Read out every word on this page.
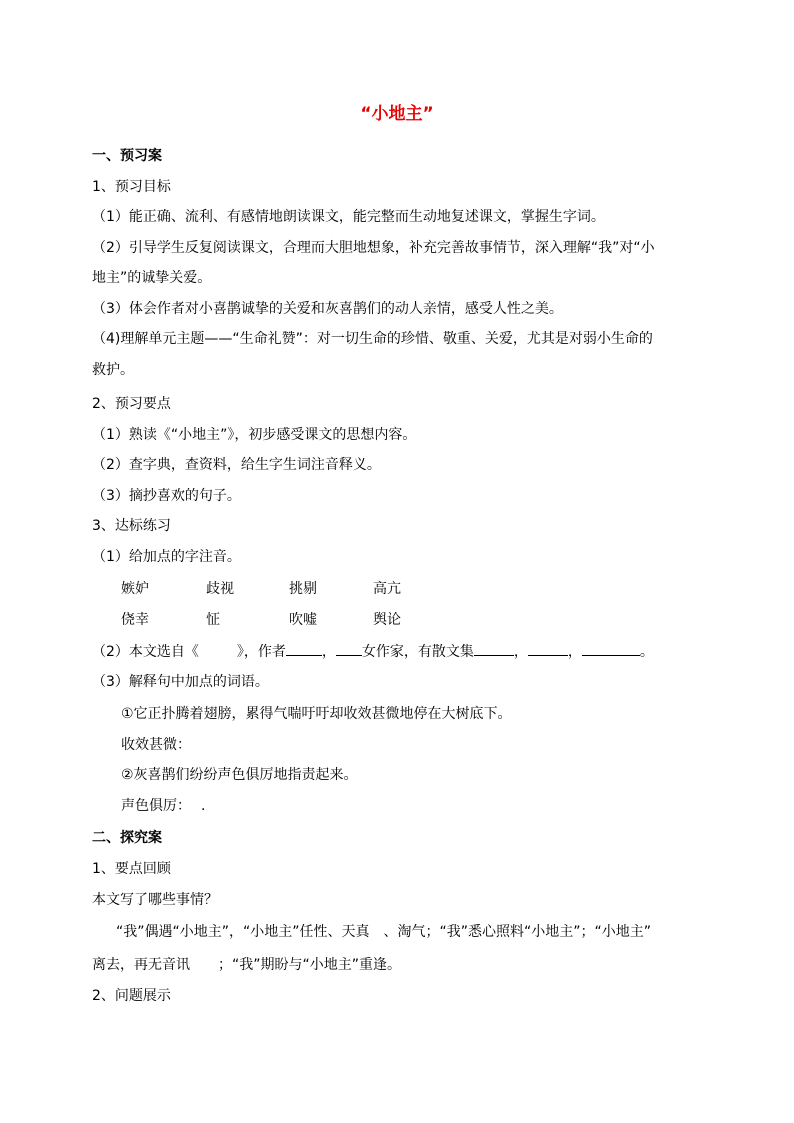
“小地主”
一、预习案
1、预习目标
（1）能正确、流利、有感情地朗读课文，能完整而生动地复述课文，掌握生字词。
（2）引导学生反复阅读课文，合理而大胆地想象，补充完善故事情节，深入理解“我”对“小
地主”的诚挚关爱。
（3）体会作者对小喜鹊诚挚的关爱和灰喜鹊们的动人亲情，感受人性之美。
（4)理解单元主题——“生命礼赞”：对一切生命的珍惜、敬重、关爱，尤其是对弱小生命的
救护。
2、预习要点
（1）熟读《“小地主”》，初步感受课文的思想内容。
（2）查字典，查资料，给生字生词注音释义。
（3）摘抄喜欢的句子。
3、达标练习
（1）给加点的字注音。
嫉妒	歧视	挑剔	高亢
侥幸	怔	吹嘘	舆论
（2）本文选自《	》，作者	， 女作家，有散文集	，	，	。
（3）解释句中加点的词语。
①它正扑腾着翅膀，累得气喘吁吁却收效甚微地停在大树底下。
收效甚微：
②灰喜鹊们纷纷声色俱厉地指责起来。
声色俱厉： .
二、探究案
1、要点回顾
本文写了哪些事情？
“我”偶遇“小地主”，“小地主”任性、天真　、淘气；“我”悉心照料“小地主”；“小地主”
离去，再无音讯　　；“我”期盼与“小地主”重逢。
2、问题展示
